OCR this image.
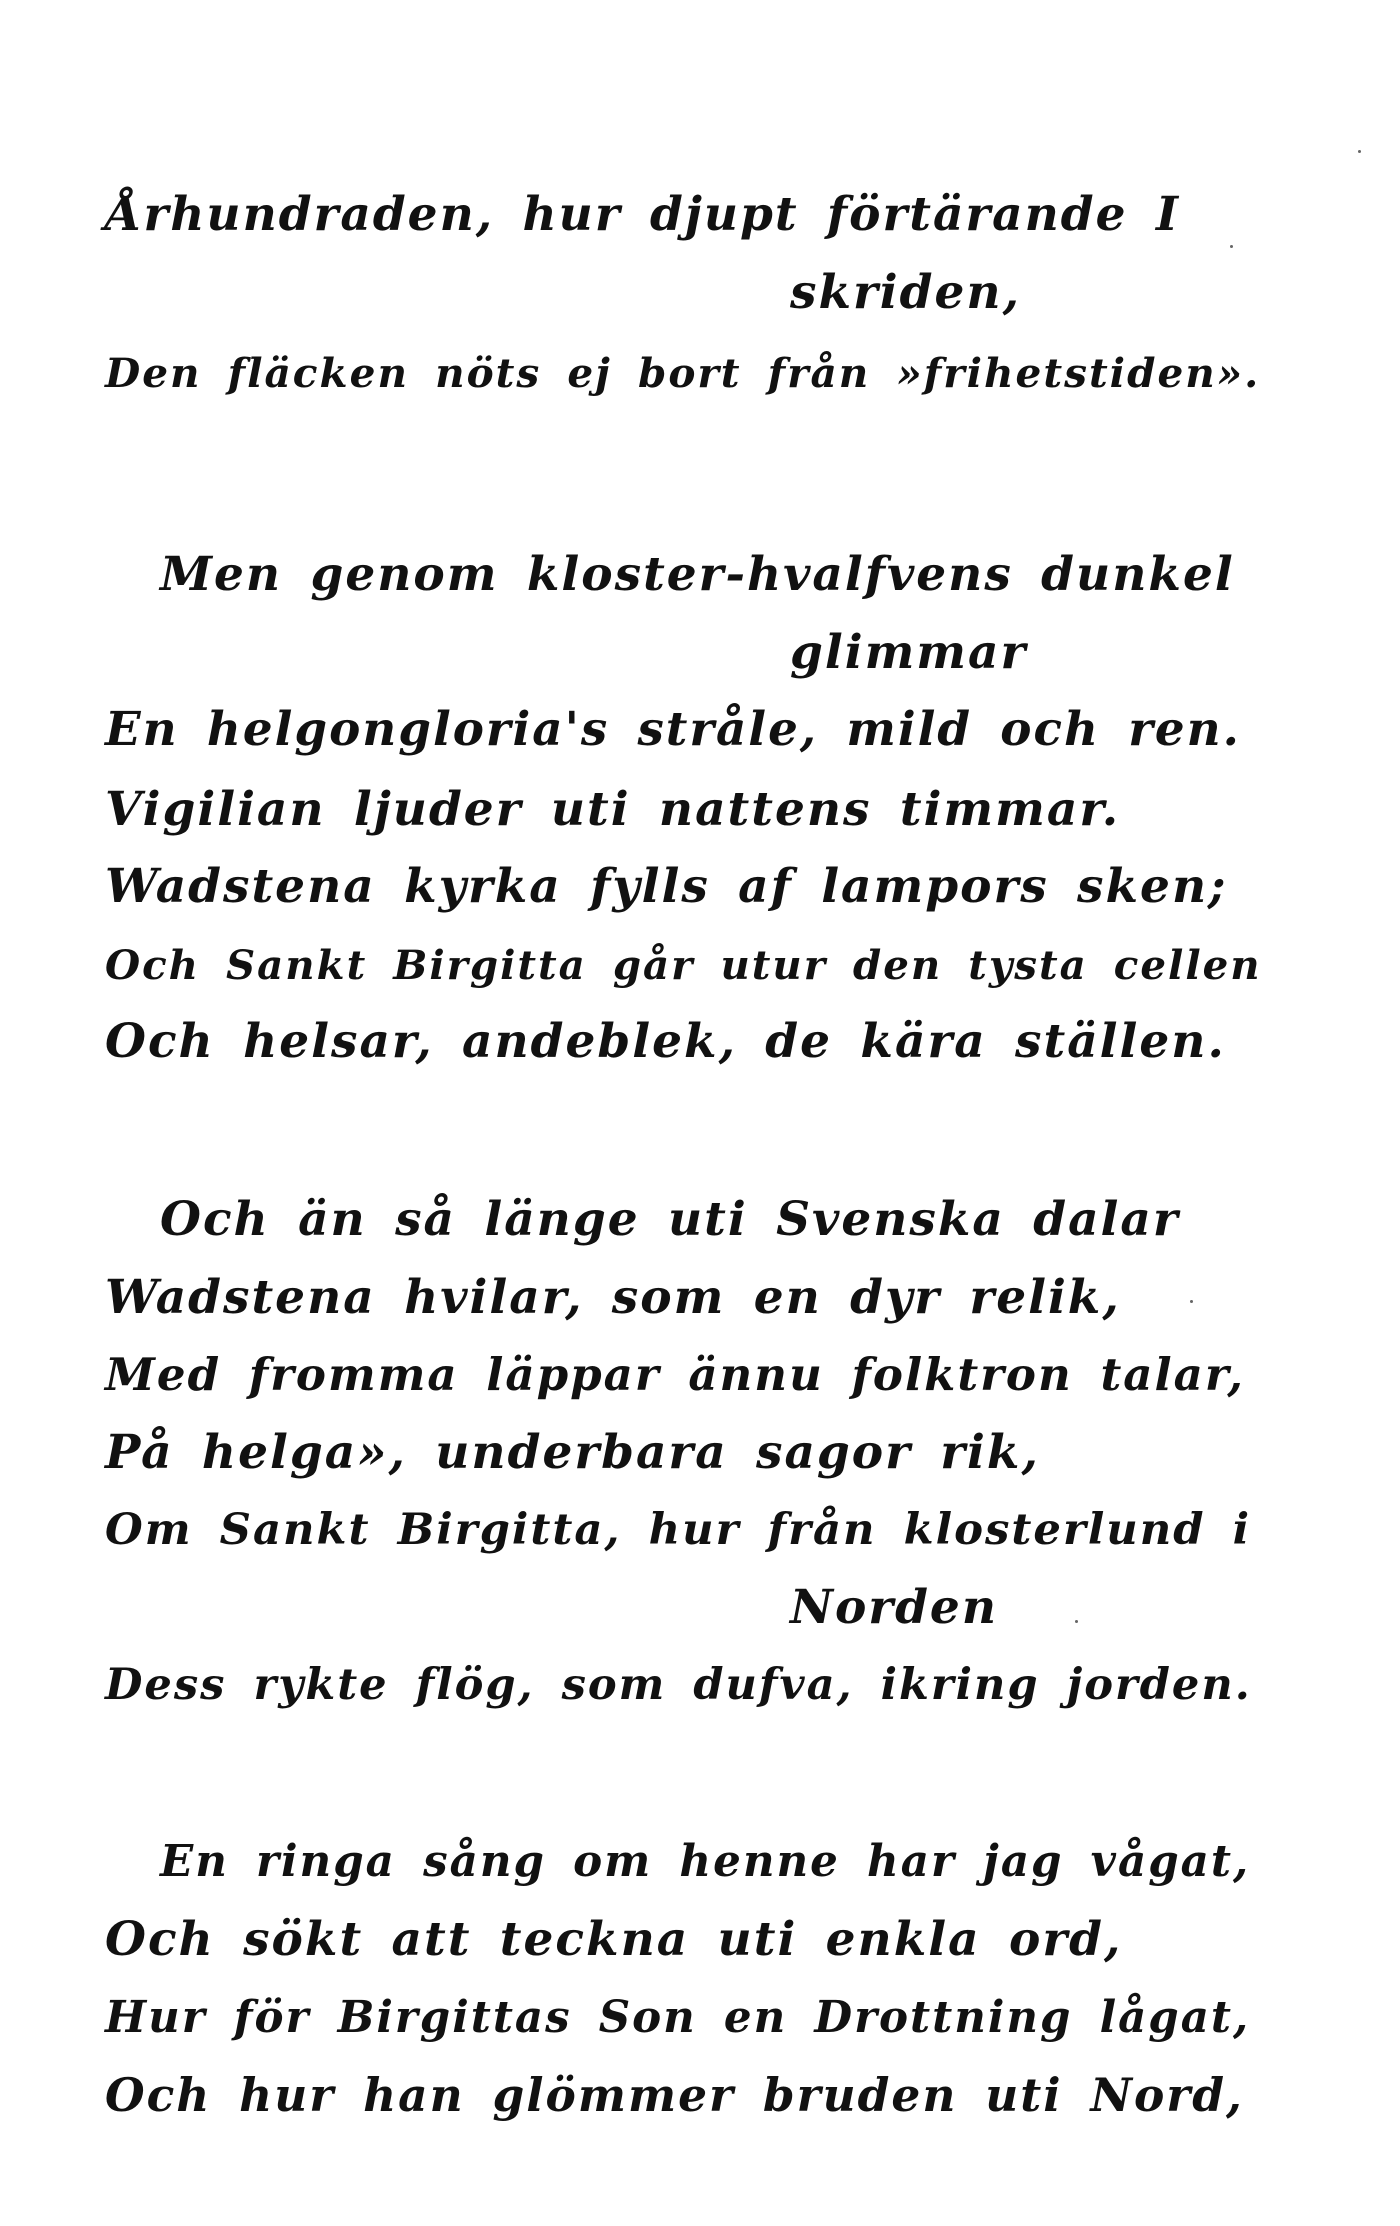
Århundraden, hur djupt förtärande I
skriden,
Den fläcken nöts ej bort från »frihetstiden».
Men genom kloster-hvalfvens dunkel
glimmar
En helgongloria's stråle, mild och ren.
Vigilian ljuder uti nattens timmar.
Wadstena kyrka fylls af lampors sken;
Och Sankt Birgitta går utur den tysta cellen
Och helsar, andeblek, de kära ställen.
Och än så länge uti Svenska dalar
Wadstena hvilar, som en dyr relik,
Med fromma läppar ännu folktron talar,
På helga», underbara sagor rik,
Om Sankt Birgitta, hur från klosterlund i
Norden
Dess rykte flög, som dufva, ikring jorden.
En ringa sång om henne har jag vågat,
Och sökt att teckna uti enkla ord,
Hur för Birgittas Son en Drottning lågat,
Och hur han glömmer bruden uti Nord,
